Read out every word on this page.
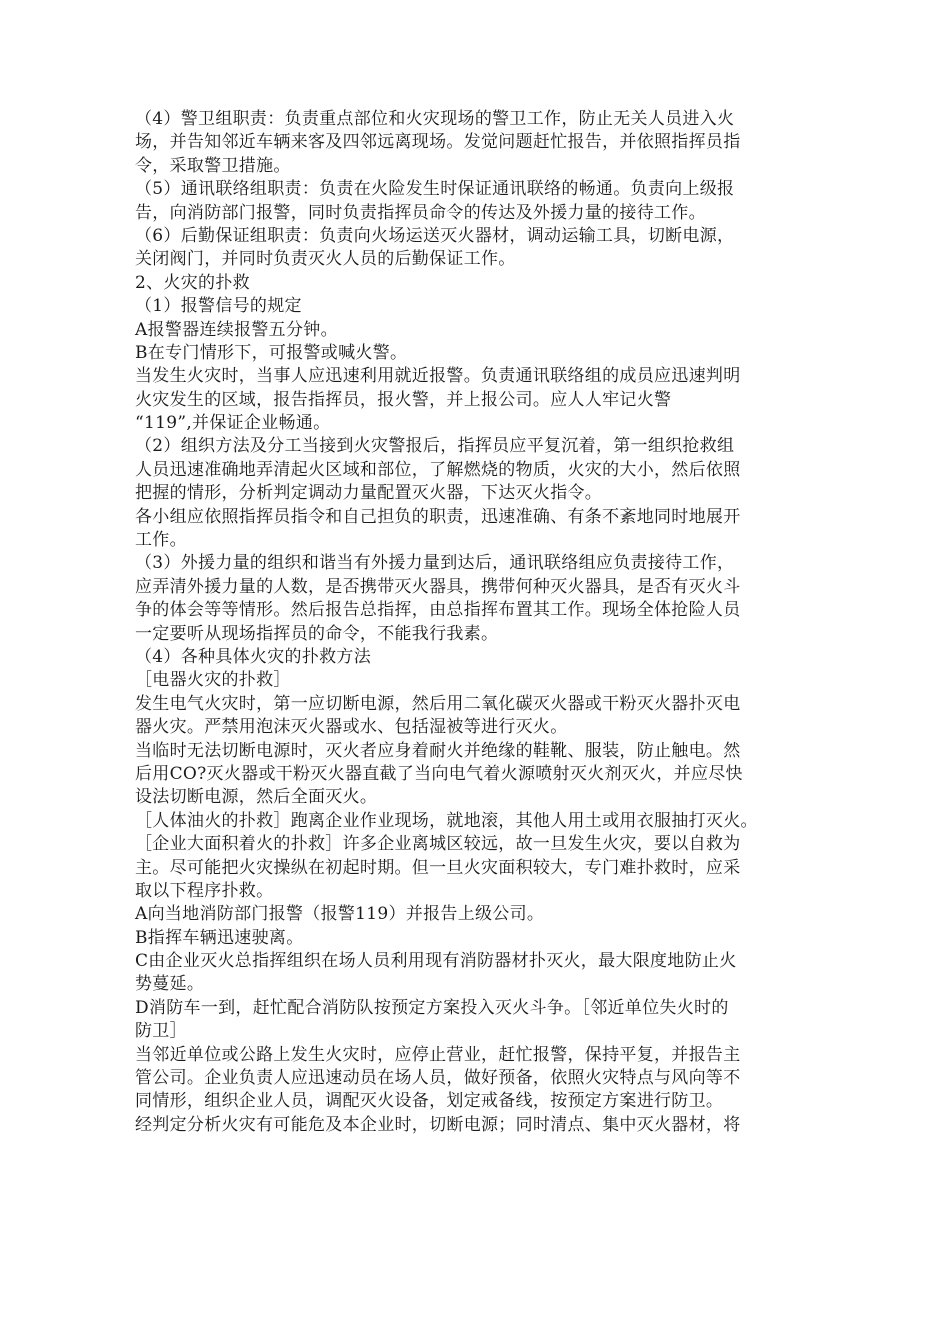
（4）警卫组职责：负责重点部位和火灾现场的警卫工作，防止无关人员进入火
场，并告知邻近车辆来客及四邻远离现场。发觉问题赶忙报告，并依照指挥员指
令，采取警卫措施。
（5）通讯联络组职责：负责在火险发生时保证通讯联络的畅通。负责向上级报
告，向消防部门报警，同时负责指挥员命令的传达及外援力量的接待工作。
（6）后勤保证组职责：负责向火场运送灭火器材，调动运输工具，切断电源，
关闭阀门，并同时负责灭火人员的后勤保证工作。
2、火灾的扑救
（1）报警信号的规定
A报警器连续报警五分钟。
B在专门情形下，可报警或喊火警。
当发生火灾时，当事人应迅速利用就近报警。负责通讯联络组的成员应迅速判明
火灾发生的区域，报告指挥员，报火警，并上报公司。应人人牢记火警
“119”,并保证企业畅通。
（2）组织方法及分工当接到火灾警报后，指挥员应平复沉着，第一组织抢救组
人员迅速准确地弄清起火区域和部位，了解燃烧的物质，火灾的大小，然后依照
把握的情形，分析判定调动力量配置灭火器，下达灭火指令。
各小组应依照指挥员指令和自己担负的职责，迅速准确、有条不紊地同时地展开
工作。
（3）外援力量的组织和谐当有外援力量到达后，通讯联络组应负责接待工作，
应弄清外援力量的人数，是否携带灭火器具，携带何种灭火器具，是否有灭火斗
争的体会等等情形。然后报告总指挥，由总指挥布置其工作。现场全体抢险人员
一定要听从现场指挥员的命令，不能我行我素。
（4）各种具体火灾的扑救方法
［电器火灾的扑救］
发生电气火灾时，第一应切断电源，然后用二氧化碳灭火器或干粉灭火器扑灭电
器火灾。严禁用泡沫灭火器或水、包括湿被等进行灭火。
当临时无法切断电源时，灭火者应身着耐火并绝缘的鞋靴、服装，防止触电。然
后用CO?灭火器或干粉灭火器直截了当向电气着火源喷射灭火剂灭火，并应尽快
设法切断电源，然后全面灭火。
［人体油火的扑救］跑离企业作业现场，就地滚，其他人用土或用衣服抽打灭火。
［企业大面积着火的扑救］许多企业离城区较远，故一旦发生火灾，要以自救为
主。尽可能把火灾操纵在初起时期。但一旦火灾面积较大，专门难扑救时，应采
取以下程序扑救。
A向当地消防部门报警（报警119）并报告上级公司。
B指挥车辆迅速驶离。
C由企业灭火总指挥组织在场人员利用现有消防器材扑灭火，最大限度地防止火
势蔓延。
D消防车一到，赶忙配合消防队按预定方案投入灭火斗争。［邻近单位失火时的
防卫］
当邻近单位或公路上发生火灾时，应停止营业，赶忙报警，保持平复，并报告主
管公司。企业负责人应迅速动员在场人员，做好预备，依照火灾特点与风向等不
同情形，组织企业人员，调配灭火设备，划定戒备线，按预定方案进行防卫。
经判定分析火灾有可能危及本企业时，切断电源；同时清点、集中灭火器材，将
